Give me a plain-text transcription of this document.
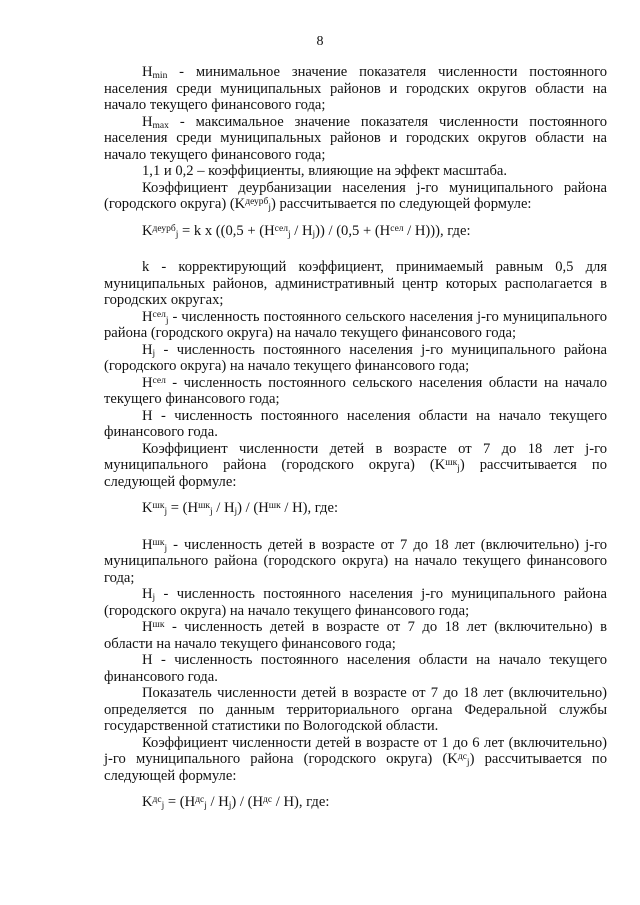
8

$H_{min}$ - минимальное значение показателя численности постоянного населения среди муниципальных районов и городских округов области на начало текущего финансового года;

$H_{max}$ - максимальное значение показателя численности постоянного населения среди муниципальных районов и городских округов области на начало текущего финансового года;

1,1 и 0,2 – коэффициенты, влияющие на эффект масштаба.

Коэффициент деурбанизации населения j-го муниципального района (городского округа) $(K^{деурб}_j)$ рассчитывается по следующей формуле:

$K^{деурб}_j = k$ x $((0,5 + (H^{сел}_j / H_j)) / (0,5 + (H^{сел} / H)))$, где:

k - корректирующий коэффициент, принимаемый равным 0,5 для муниципальных районов, административный центр которых располагается в городских округах;

$H^{сел}_j$ - численность постоянного сельского населения j-го муниципального района (городского округа) на начало текущего финансового года;

$H_j$ - численность постоянного населения j-го муниципального района (городского округа) на начало текущего финансового года;

$H^{сел}$ - численность постоянного сельского населения области на начало текущего финансового года;

H - численность постоянного населения области на начало текущего финансового года.

Коэффициент численности детей в возрасте от 7 до 18 лет j-го муниципального района (городского округа) $(K^{шк}_j)$ рассчитывается по следующей формуле:

$K^{шк}_j = (H^{шк}_j / H_j) / (H^{шк} / H)$, где:

$H^{шк}_j$ - численность детей в возрасте от 7 до 18 лет (включительно) j-го муниципального района (городского округа) на начало текущего финансового года;

$H_j$ - численность постоянного населения j-го муниципального района (городского округа) на начало текущего финансового года;

$H^{шк}$ - численность детей в возрасте от 7 до 18 лет (включительно) в области на начало текущего финансового года;

H - численность постоянного населения области на начало текущего финансового года.

Показатель численности детей в возрасте от 7 до 18 лет (включительно) определяется по данным территориального органа Федеральной службы государственной статистики по Вологодской области.

Коэффициент численности детей в возрасте от 1 до 6 лет (включительно) j-го муниципального района (городского округа) $(K^{дс}_j)$ рассчитывается по следующей формуле:

$K^{дс}_j = (H^{дс}_j / H_j) / (H^{дс} / H)$, где:
